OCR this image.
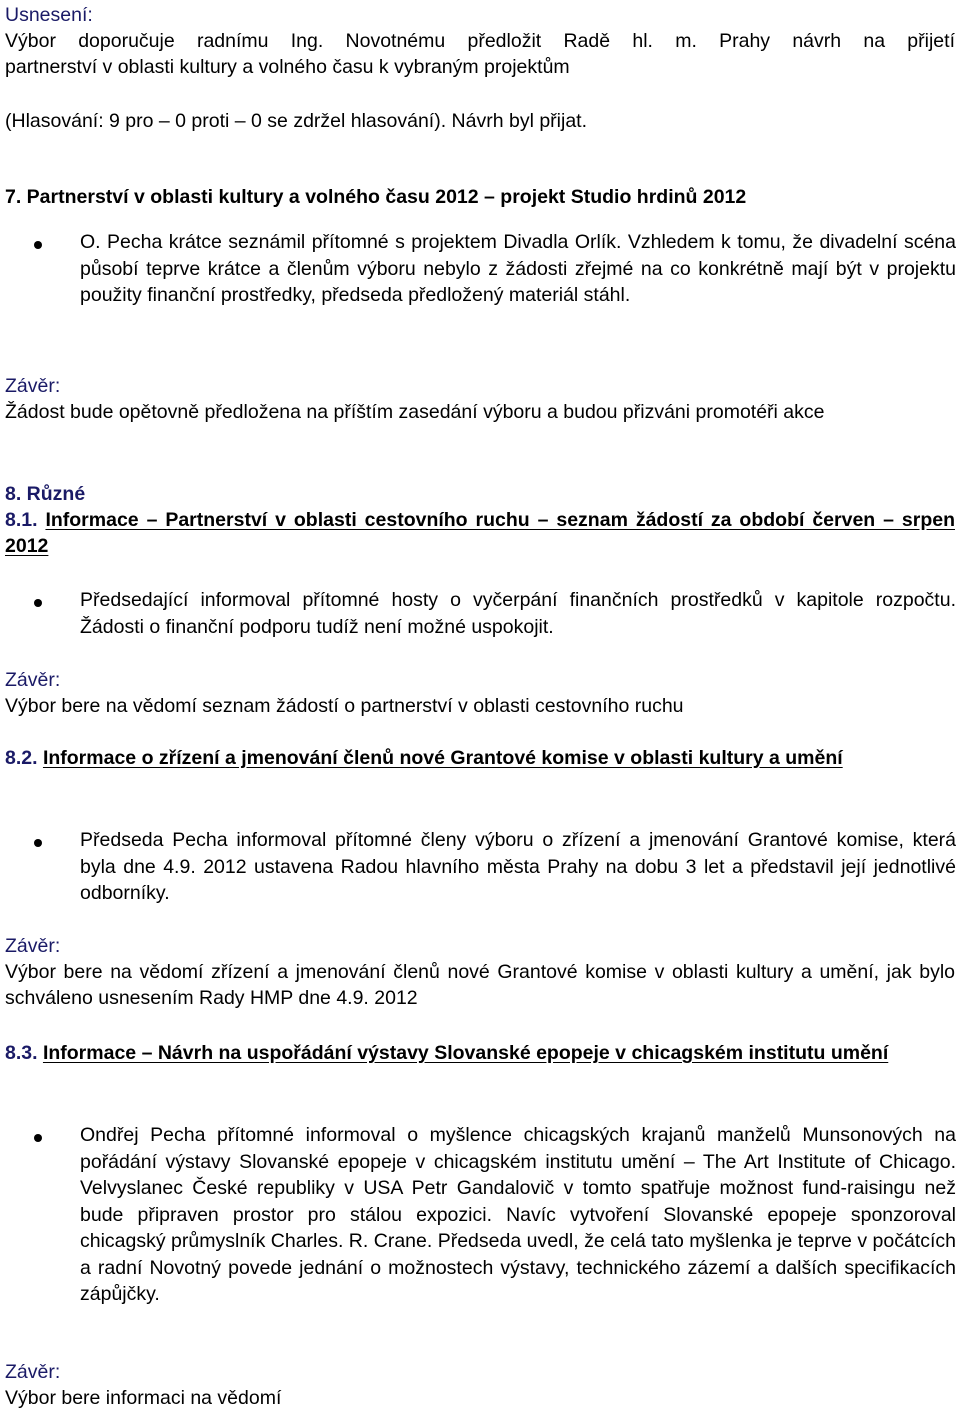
Usnesení:
Výbor doporučuje radnímu Ing. Novotnému předložit Radě hl. m. Prahy návrh na přijetí
partnerství v oblasti kultury a volného času k vybraným projektům
(Hlasování: 9 pro – 0 proti – 0 se zdržel hlasování). Návrh byl přijat.
7. Partnerství v oblasti kultury a volného času 2012 – projekt Studio hrdinů 2012

O. Pecha krátce seznámil přítomné s projektem Divadla Orlík. Vzhledem k tomu, že divadelní scéna působí teprve krátce a členům výboru nebylo z žádosti zřejmé na co konkrétně mají být v projektu použity finanční prostředky, předseda předložený materiál stáhl.

Závěr:

Žádost bude opětovně předložena na příštím zasedání výboru a budou přizváni promotéři akce

8. Různé
8.1. Informace – Partnerství v oblasti cestovního ruchu – seznam žádostí za období červen – srpen 2012

Předsedající informoval přítomné hosty o vyčerpání finančních prostředků v kapitole rozpočtu. Žádosti o finanční podporu tudíž není možné uspokojit.

Závěr:
Výbor bere na vědomí seznam žádostí o partnerství v oblasti cestovního ruchu
8.2. Informace o zřízení a jmenování členů nové Grantové komise v oblasti kultury a umění

Předseda Pecha informoval přítomné členy výboru o zřízení a jmenování Grantové komise, která byla dne 4.9. 2012 ustavena Radou hlavního města Prahy na dobu 3 let a představil její jednotlivé odborníky.

Závěr:

Výbor bere na vědomí zřízení a jmenování členů nové Grantové komise v oblasti kultury a umění, jak bylo schváleno usnesením Rady HMP dne 4.9. 2012

8.3. Informace – Návrh na uspořádání výstavy Slovanské epopeje v chicagském institutu umění

Ondřej Pecha přítomné informoval o myšlence chicagských krajanů manželů Munsonových na pořádání výstavy Slovanské epopeje v chicagském institutu umění – The Art Institute of Chicago. Velvyslanec České republiky v USA Petr Gandalovič v tomto spatřuje možnost fund-raisingu než bude připraven prostor pro stálou expozici. Navíc vytvoření Slovanské epopeje sponzoroval chicagský průmyslník Charles. R. Crane. Předseda uvedl, že celá tato myšlenka je teprve v počátcích a radní Novotný povede jednání o možnostech výstavy, technického zázemí a dalších specifikacích zápůjčky.

Závěr:
Výbor bere informaci na vědomí
